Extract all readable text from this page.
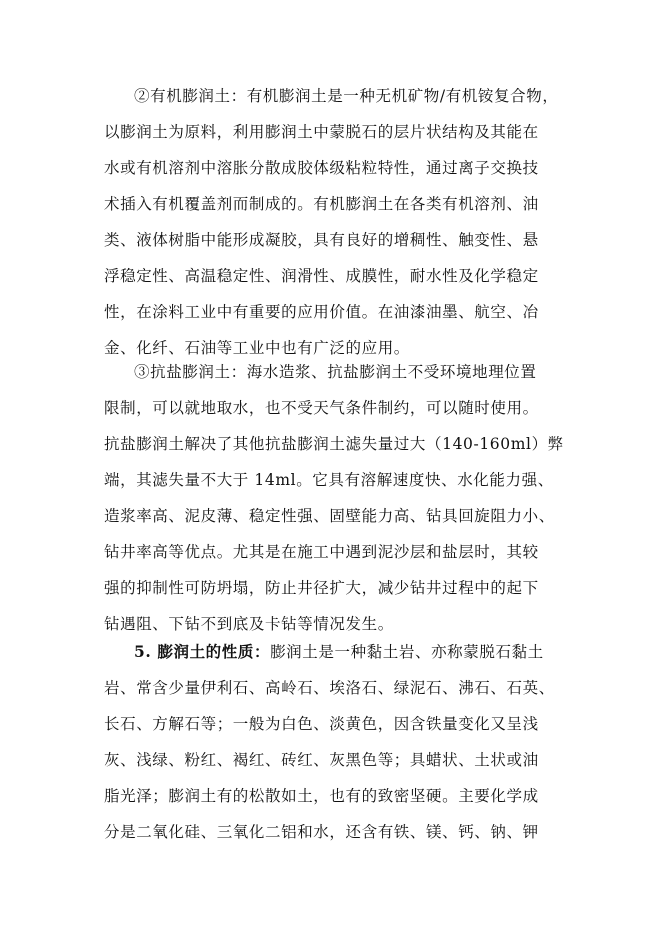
②有机膨润土：有机膨润土是一种无机矿物/有机铵复合物，
以膨润土为原料，利用膨润土中蒙脱石的层片状结构及其能在
水或有机溶剂中溶胀分散成胶体级粘粒特性，通过离子交换技
术插入有机覆盖剂而制成的。有机膨润土在各类有机溶剂、油
类、液体树脂中能形成凝胶，具有良好的增稠性、触变性、悬
浮稳定性、高温稳定性、润滑性、成膜性，耐水性及化学稳定
性，在涂料工业中有重要的应用价值。在油漆油墨、航空、冶
金、化纤、石油等工业中也有广泛的应用。
③抗盐膨润土：海水造浆、抗盐膨润土不受环境地理位置
限制，可以就地取水，也不受天气条件制约，可以随时使用。
抗盐膨润土解决了其他抗盐膨润土滤失量过大（140-160ml）弊
端，其滤失量不大于 14ml。它具有溶解速度快、水化能力强、
造浆率高、泥皮薄、稳定性强、固壁能力高、钻具回旋阻力小、
钻井率高等优点。尤其是在施工中遇到泥沙层和盐层时，其较
强的抑制性可防坍塌，防止井径扩大，减少钻井过程中的起下
钻遇阻、下钻不到底及卡钻等情况发生。
5. 膨润土的性质：膨润土是一种黏土岩、亦称蒙脱石黏土
岩、常含少量伊利石、高岭石、埃洛石、绿泥石、沸石、石英、
长石、方解石等；一般为白色、淡黄色，因含铁量变化又呈浅
灰、浅绿、粉红、褐红、砖红、灰黑色等；具蜡状、土状或油
脂光泽；膨润土有的松散如土，也有的致密坚硬。主要化学成
分是二氧化硅、三氧化二铝和水，还含有铁、镁、钙、钠、钾
